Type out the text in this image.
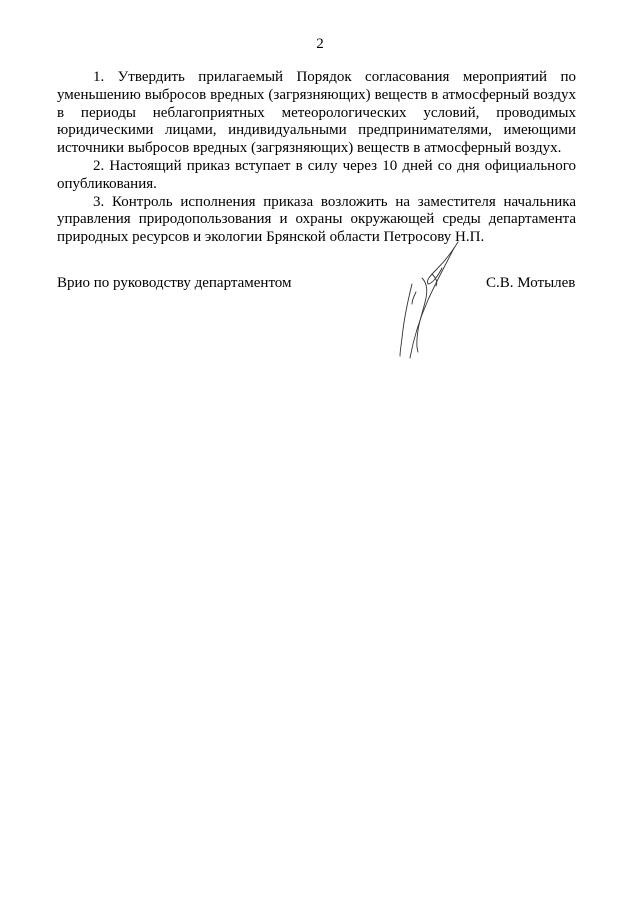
2

1. Утвердить прилагаемый Порядок согласования мероприятий по уменьшению выбросов вредных (загрязняющих) веществ в атмосферный воздух в периоды неблагоприятных метеорологических условий, проводимых юридическими лицами, индивидуальными предпринимателями, имеющими источники выбросов вредных (загрязняющих) веществ в атмосферный воздух.

2. Настоящий приказ вступает в силу через 10 дней со дня официального опубликования.

3. Контроль исполнения приказа возложить на заместителя начальника управления природопользования и охраны окружающей среды департамента природных ресурсов и экологии Брянской области Петросову Н.П.

Врио по руководству департаментом	С.В. Мотылев
